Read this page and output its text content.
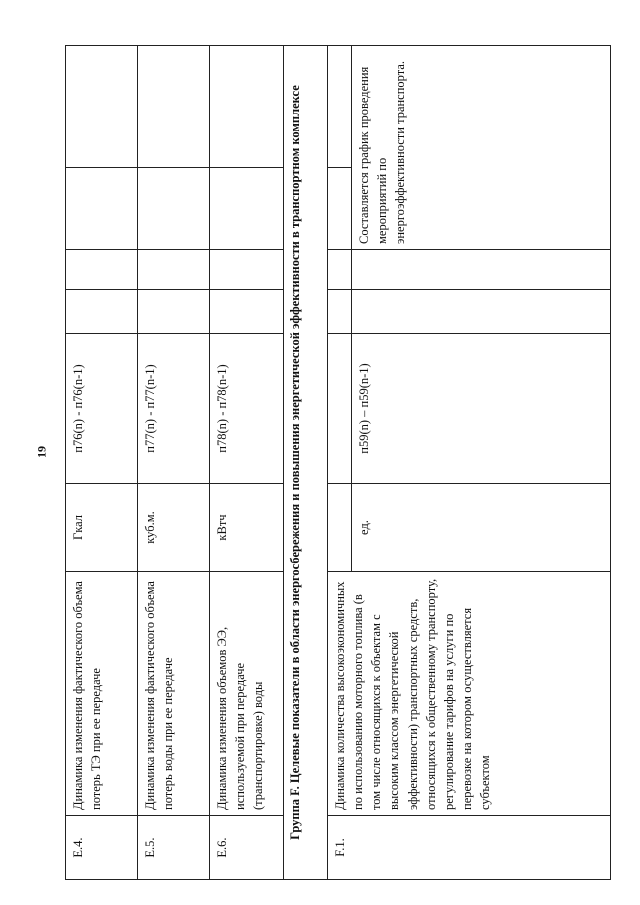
19
Е.4.	Динамика изменения фактического объема потерь ТЭ при ее передаче	Гкал	п76(n) - п76(n-1)				
Е.5.	Динамика изменения фактического объема потерь воды при ее передаче	куб.м.	п77(n) - п77(n-1)				
Е.6.	Динамика изменения объемов ЭЭ, используемой при передаче (транспортировке) воды	кВтч	п78(n) - п78(n-1)				
Группа F. Целевые показатели в области энергосбережения и повышения энергетической эффективности в транспортном комплексе							
F.1.	Динамика количества высокоэкономичных по использованию моторного топлива (в том числе относящихся к объектам с высоким классом энергетической эффективности) транспортных средств, относящихся к общественному транспорту, регулирование тарифов на услуги по перевозке на котором осуществляется субъектом						
		ед.	п59(n) – п59(n-1)			Составляется график проведения мероприятий по энергоэффективности транспорта.	
